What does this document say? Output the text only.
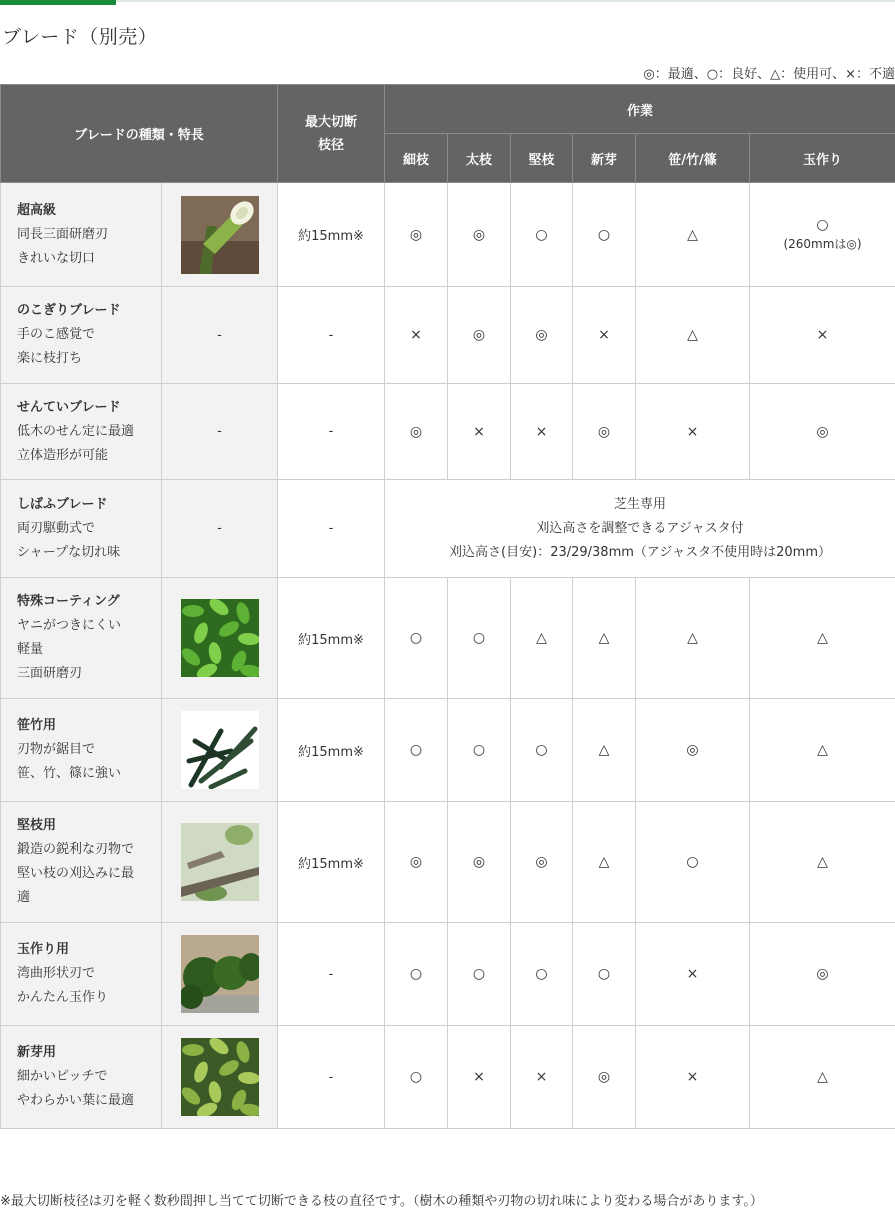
ブレード（別売）
◎：最適、○：良好、△：使用可、×：不適
ブレードの種類・特長		最大切断
枝径	作業					
			細枝	太枝	堅枝	新芽	笹/竹/篠	玉作り

超高級
同長三面研磨刃
きれいな切口		約15mm※	◎	◎	○	○	△	○
(260mmは◎)

のこぎりブレード
手のこ感覚で
楽に枝打ち	-	-	×	◎	◎	×	△	×

せんていブレード
低木のせん定に最適
立体造形が可能	-	-	◎	×	×	◎	×	◎

しばふブレード
両刃駆動式で
シャープな切れ味	-	-	芝生専用
刈込高さを調整できるアジャスタ付
刈込高さ(目安)：23/29/38mm（アジャスタ不使用時は20mm）					

特殊コーティング
ヤニがつきにくい
軽量
三面研磨刃		約15mm※	○	○	△	△	△	△

笹竹用
刃物が鋸目で
笹、竹、篠に強い		約15mm※	○	○	○	△	◎	△

堅枝用
鍛造の鋭利な刃物で
堅い枝の刈込みに最
適		約15mm※	◎	◎	◎	△	○	△

玉作り用
湾曲形状刃で
かんたん玉作り		-	○	○	○	○	×	◎

新芽用
細かいピッチで
やわらかい葉に最適		-	○	×	×	◎	×	△
※最大切断枝径は刃を軽く数秒間押し当てて切断できる枝の直径です。（樹木の種類や刃物の切れ味により変わる場合があります。）
